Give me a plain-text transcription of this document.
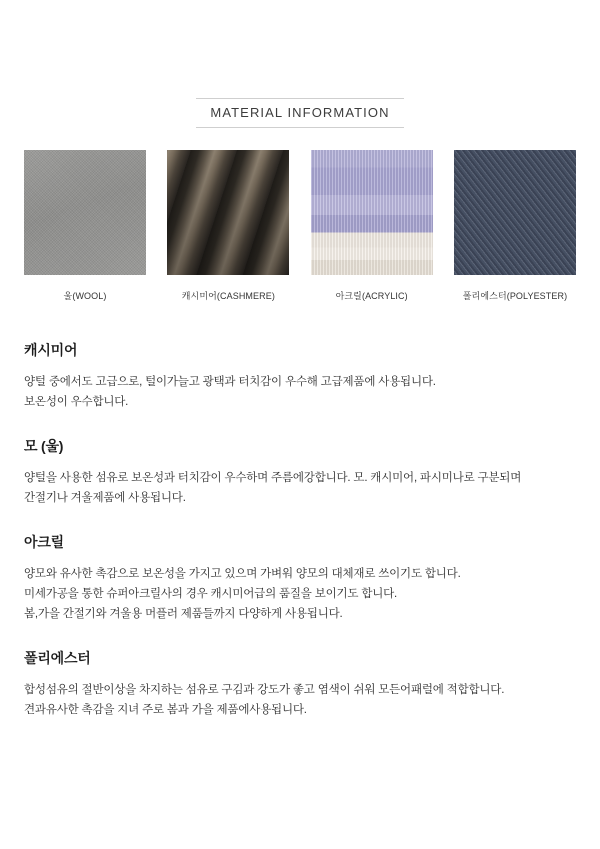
MATERIAL INFORMATION
울(WOOL)	캐시미어(CASHMERE)	아크릴(ACRYLIC)	폴리에스터(POLYESTER)
캐시미어

양털 중에서도 고급으로, 털이가늘고 광택과 터치감이 우수해 고급제품에 사용됩니다.

보온성이 우수합니다.

모 (울)

양털을 사용한 섬유로 보온성과 터치감이 우수하며 주름에강합니다. 모. 캐시미어, 파시미나로 구분되며

간절기나 겨울제품에 사용됩니다.

아크릴

양모와 유사한 촉감으로 보온성을 가지고 있으며 가벼워 양모의 대체재로 쓰이기도 합니다.

미세가공을 통한 슈퍼아크릴사의 경우 캐시미어급의 품질을 보이기도 합니다.

봄,가을 간절기와 겨울용 머플러 제품들까지 다양하게 사용됩니다.

폴리에스터

합성섬유의 절반이상을 차지하는 섬유로 구김과 강도가 좋고 염색이 쉬워 모든어패럴에 적합합니다.

견과유사한 촉감을 지녀 주로 봄과 가을 제품에사용됩니다.
